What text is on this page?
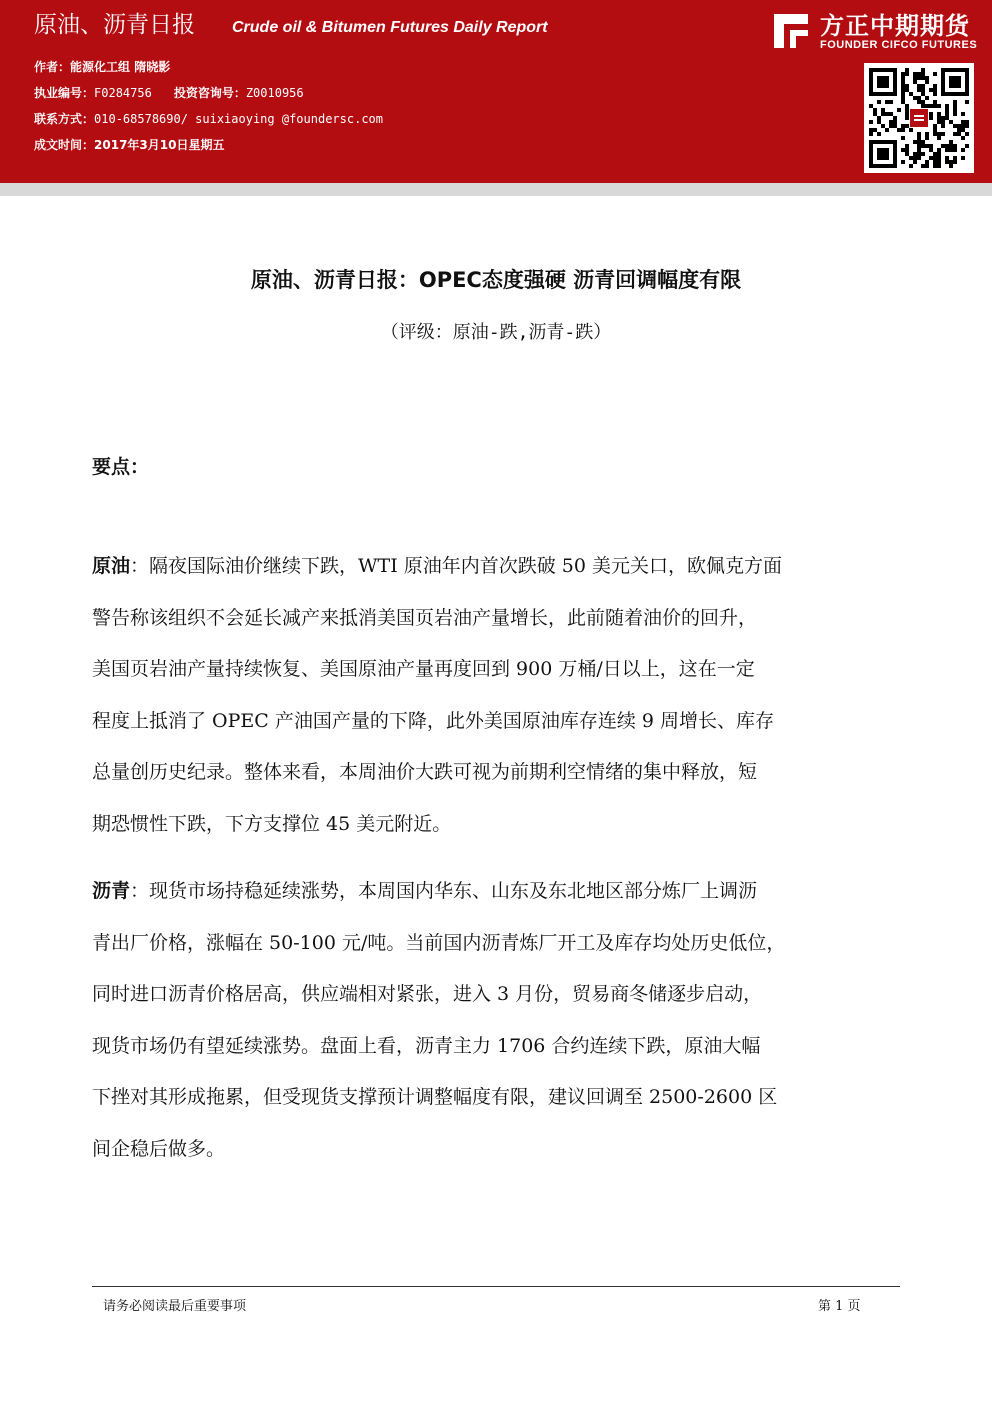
原油、沥青日报 Crude oil & Bitumen Futures Daily Report
作者：能源化工组 隋晓影
执业编号：F0284756 投资咨询号：Z0010956
联系方式：010-68578690/ suixiaoying @foundersc.com
成文时间：2017年3月10日星期五
方正中期期货
FOUNDER CIFCO FUTURES
原油、沥青日报：OPEC态度强硬 沥青回调幅度有限
（评级：原油-跌,沥青-跌）
要点：
原油：隔夜国际油价继续下跌，WTI 原油年内首次跌破 50 美元关口，欧佩克方面
警告称该组织不会延长减产来抵消美国页岩油产量增长，此前随着油价的回升，
美国页岩油产量持续恢复、美国原油产量再度回到 900 万桶/日以上，这在一定
程度上抵消了 OPEC 产油国产量的下降，此外美国原油库存连续 9 周增长、库存
总量创历史纪录。整体来看，本周油价大跌可视为前期利空情绪的集中释放，短
期恐惯性下跌，下方支撑位 45 美元附近。
沥青：现货市场持稳延续涨势，本周国内华东、山东及东北地区部分炼厂上调沥
青出厂价格，涨幅在 50-100 元/吨。当前国内沥青炼厂开工及库存均处历史低位，
同时进口沥青价格居高，供应端相对紧张，进入 3 月份，贸易商冬储逐步启动，
现货市场仍有望延续涨势。盘面上看，沥青主力 1706 合约连续下跌，原油大幅
下挫对其形成拖累，但受现货支撑预计调整幅度有限，建议回调至 2500-2600 区
间企稳后做多。
请务必阅读最后重要事项	第 1 页
